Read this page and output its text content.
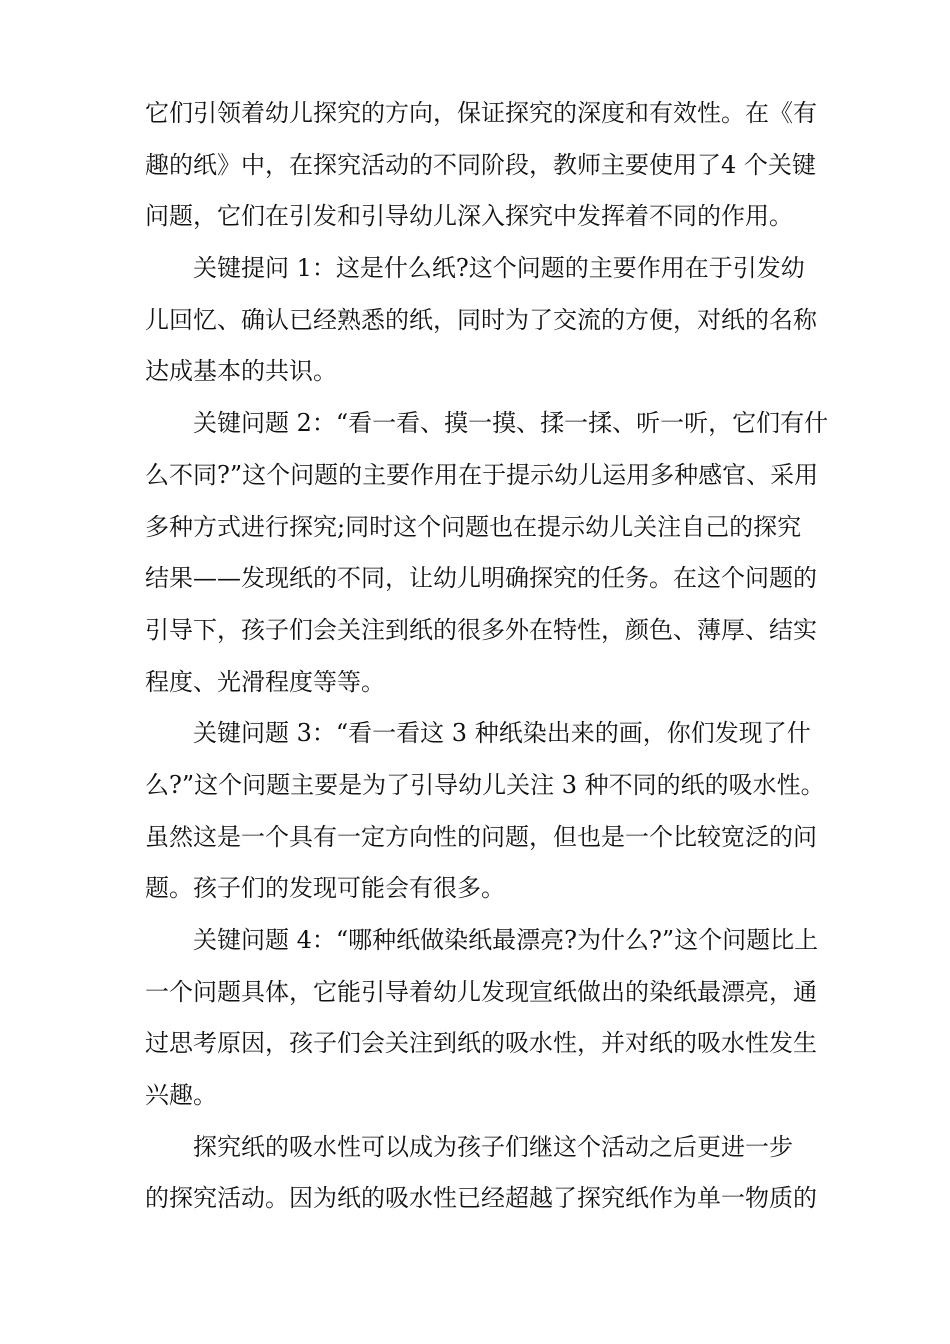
它们引领着幼儿探究的方向，保证探究的深度和有效性。在《有
趣的纸》中，在探究活动的不同阶段，教师主要使用了4 个关键
问题，它们在引发和引导幼儿深入探究中发挥着不同的作用。
关键提问 1：这是什么纸?这个问题的主要作用在于引发幼
儿回忆、确认已经熟悉的纸，同时为了交流的方便，对纸的名称
达成基本的共识。
关键问题 2：“看一看、摸一摸、揉一揉、听一听，它们有什
么不同?”这个问题的主要作用在于提示幼儿运用多种感官、采用
多种方式进行探究;同时这个问题也在提示幼儿关注自己的探究
结果——发现纸的不同，让幼儿明确探究的任务。在这个问题的
引导下，孩子们会关注到纸的很多外在特性，颜色、薄厚、结实
程度、光滑程度等等。
关键问题 3：“看一看这 3 种纸染出来的画，你们发现了什
么?”这个问题主要是为了引导幼儿关注 3 种不同的纸的吸水性。
虽然这是一个具有一定方向性的问题，但也是一个比较宽泛的问
题。孩子们的发现可能会有很多。
关键问题 4：“哪种纸做染纸最漂亮?为什么?”这个问题比上
一个问题具体，它能引导着幼儿发现宣纸做出的染纸最漂亮，通
过思考原因，孩子们会关注到纸的吸水性，并对纸的吸水性发生
兴趣。
探究纸的吸水性可以成为孩子们继这个活动之后更进一步
的探究活动。因为纸的吸水性已经超越了探究纸作为单一物质的
